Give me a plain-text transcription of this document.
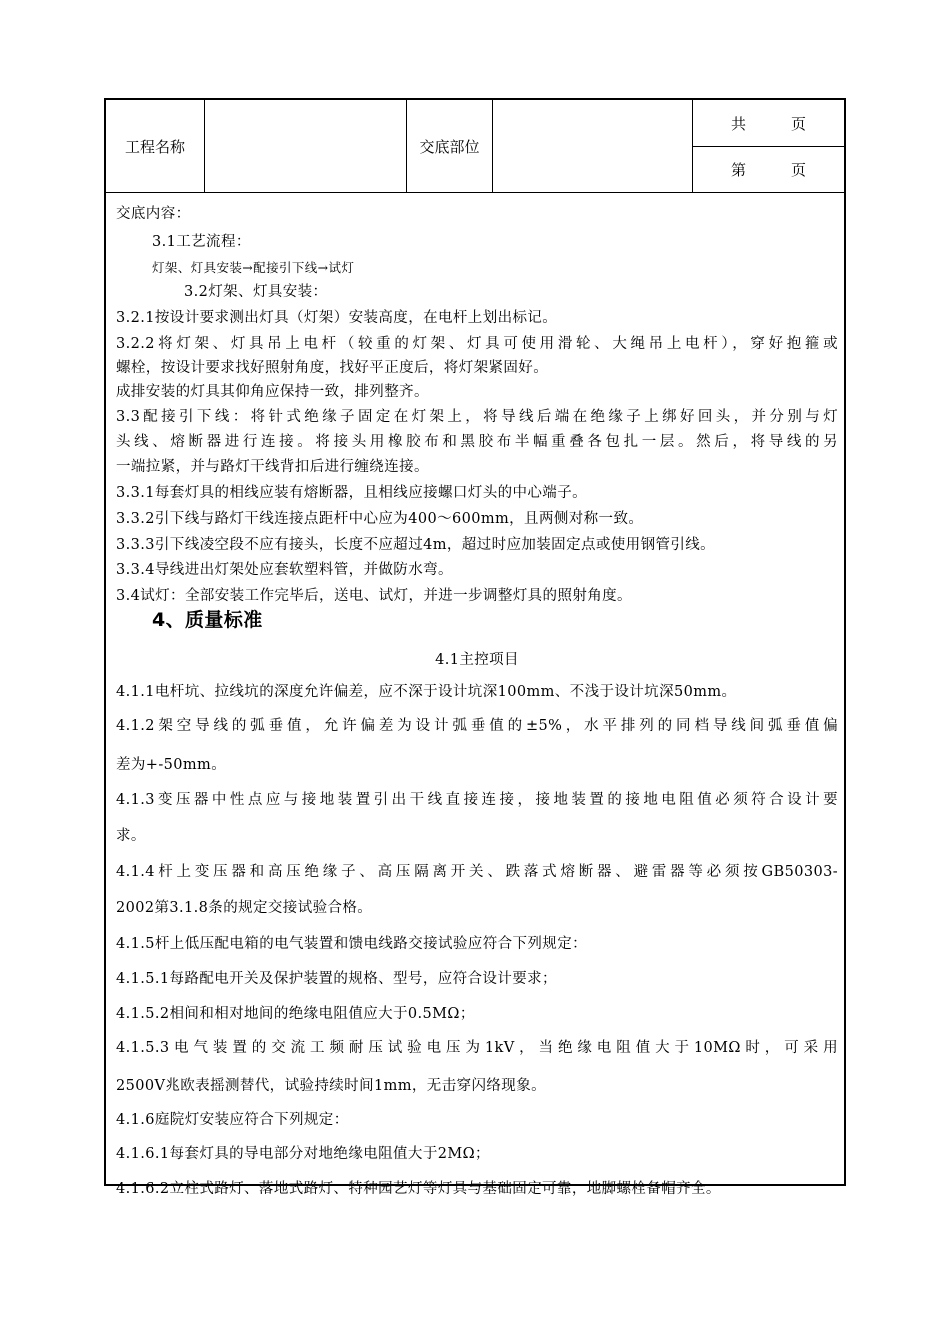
工程名称	交底部位
共　　　页
第　　　页
交底内容：
3.1工艺流程：
灯架、灯具安装→配接引下线→试灯
3.2灯架、灯具安装：
3.2.1按设计要求测出灯具（灯架）安装高度，在电杆上划出标记。
3.2.2将灯架、灯具吊上电杆（较重的灯架、灯具可使用滑轮、大绳吊上电杆），穿好抱箍或
螺栓，按设计要求找好照射角度，找好平正度后，将灯架紧固好。
成排安装的灯具其仰角应保持一致，排列整齐。
3.3配接引下线：将针式绝缘子固定在灯架上，将导线后端在绝缘子上绑好回头，并分别与灯
头线、熔断器进行连接。将接头用橡胶布和黑胶布半幅重叠各包扎一层。然后，将导线的另
一端拉紧，并与路灯干线背扣后进行缠绕连接。
3.3.1每套灯具的相线应装有熔断器，且相线应接螺口灯头的中心端子。
3.3.2引下线与路灯干线连接点距杆中心应为400～600mm，且两侧对称一致。
3.3.3引下线凌空段不应有接头，长度不应超过4m，超过时应加装固定点或使用钢管引线。
3.3.4导线进出灯架处应套软塑料管，并做防水弯。
3.4试灯：全部安装工作完毕后，送电、试灯，并进一步调整灯具的照射角度。
4、质量标准
4.1主控项目
4.1.1电杆坑、拉线坑的深度允许偏差，应不深于设计坑深100mm、不浅于设计坑深50mm。
4.1.2架空导线的弧垂值，允许偏差为设计弧垂值的±5%，水平排列的同档导线间弧垂值偏
差为+-50mm。
4.1.3变压器中性点应与接地装置引出干线直接连接，接地装置的接地电阻值必须符合设计要
求。
4.1.4杆上变压器和高压绝缘子、高压隔离开关、跌落式熔断器、避雷器等必须按GB50303-
2002第3.1.8条的规定交接试验合格。
4.1.5杆上低压配电箱的电气装置和馈电线路交接试验应符合下列规定：
4.1.5.1每路配电开关及保护装置的规格、型号，应符合设计要求；
4.1.5.2相间和相对地间的绝缘电阻值应大于0.5MΩ；
4.1.5.3电气装置的交流工频耐压试验电压为1kV，当绝缘电阻值大于10MΩ时，可采用
2500V兆欧表摇测替代，试验持续时间1mm，无击穿闪络现象。
4.1.6庭院灯安装应符合下列规定：
4.1.6.1每套灯具的导电部分对地绝缘电阻值大于2MΩ；
4.1.6.2立柱式路灯、落地式路灯、特种园艺灯等灯具与基础固定可靠，地脚螺栓备帽齐全。
